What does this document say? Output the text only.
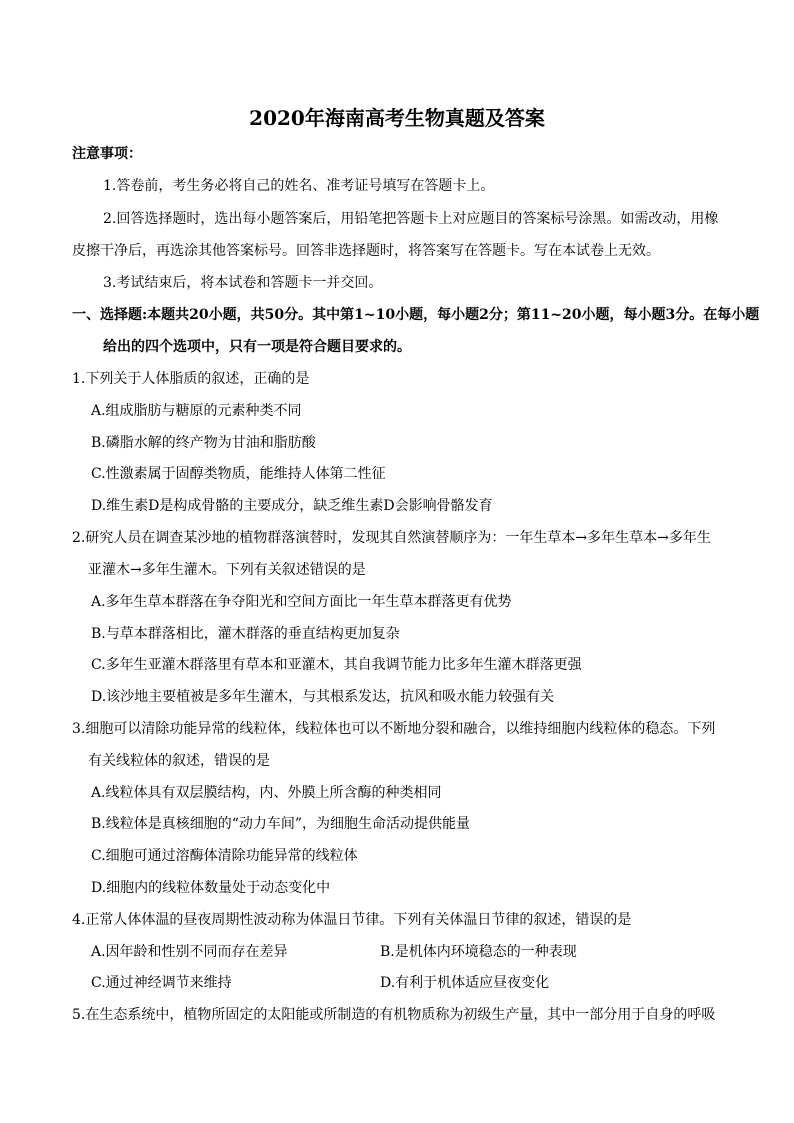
2020年海南高考生物真题及答案
注意事项：
1.答卷前，考生务必将自己的姓名、准考证号填写在答题卡上。
2.回答选择题时，选出每小题答案后，用铅笔把答题卡上对应题目的答案标号涂黑。如需改动，用橡
皮擦干净后，再选涂其他答案标号。回答非选择题时，将答案写在答题卡。写在本试卷上无效。
3.考试结束后，将本试卷和答题卡一并交回。
一、选择题:本题共20小题，共50分。其中第1~10小题，每小题2分；第11~20小题，每小题3分。在每小题
给出的四个选项中，只有一项是符合题目要求的。
1.下列关于人体脂质的叙述，正确的是
A.组成脂肪与糖原的元素种类不同
B.磷脂水解的终产物为甘油和脂肪酸
C.性激素属于固醇类物质，能维持人体第二性征
D.维生素D是构成骨骼的主要成分，缺乏维生素D会影响骨骼发育
2.研究人员在调查某沙地的植物群落演替时，发现其自然演替顺序为：一年生草本→多年生草本→多年生
亚灌木→多年生灌木。下列有关叙述错误的是
A.多年生草本群落在争夺阳光和空间方面比一年生草本群落更有优势
B.与草本群落相比，灌木群落的垂直结构更加复杂
C.多年生亚灌木群落里有草本和亚灌木，其自我调节能力比多年生灌木群落更强
D.该沙地主要植被是多年生灌木，与其根系发达，抗风和吸水能力较强有关
3.细胞可以清除功能异常的线粒体，线粒体也可以不断地分裂和融合，以维持细胞内线粒体的稳态。下列
有关线粒体的叙述，错误的是
A.线粒体具有双层膜结构，内、外膜上所含酶的种类相同
B.线粒体是真核细胞的“动力车间”，为细胞生命活动提供能量
C.细胞可通过溶酶体清除功能异常的线粒体
D.细胞内的线粒体数量处于动态变化中
4.正常人体体温的昼夜周期性波动称为体温日节律。下列有关体温日节律的叙述，错误的是
A.因年龄和性别不同而存在差异	B.是机体内环境稳态的一种表现
C.通过神经调节来维持	D.有利于机体适应昼夜变化
5.在生态系统中，植物所固定的太阳能或所制造的有机物质称为初级生产量，其中一部分用于自身的呼吸
